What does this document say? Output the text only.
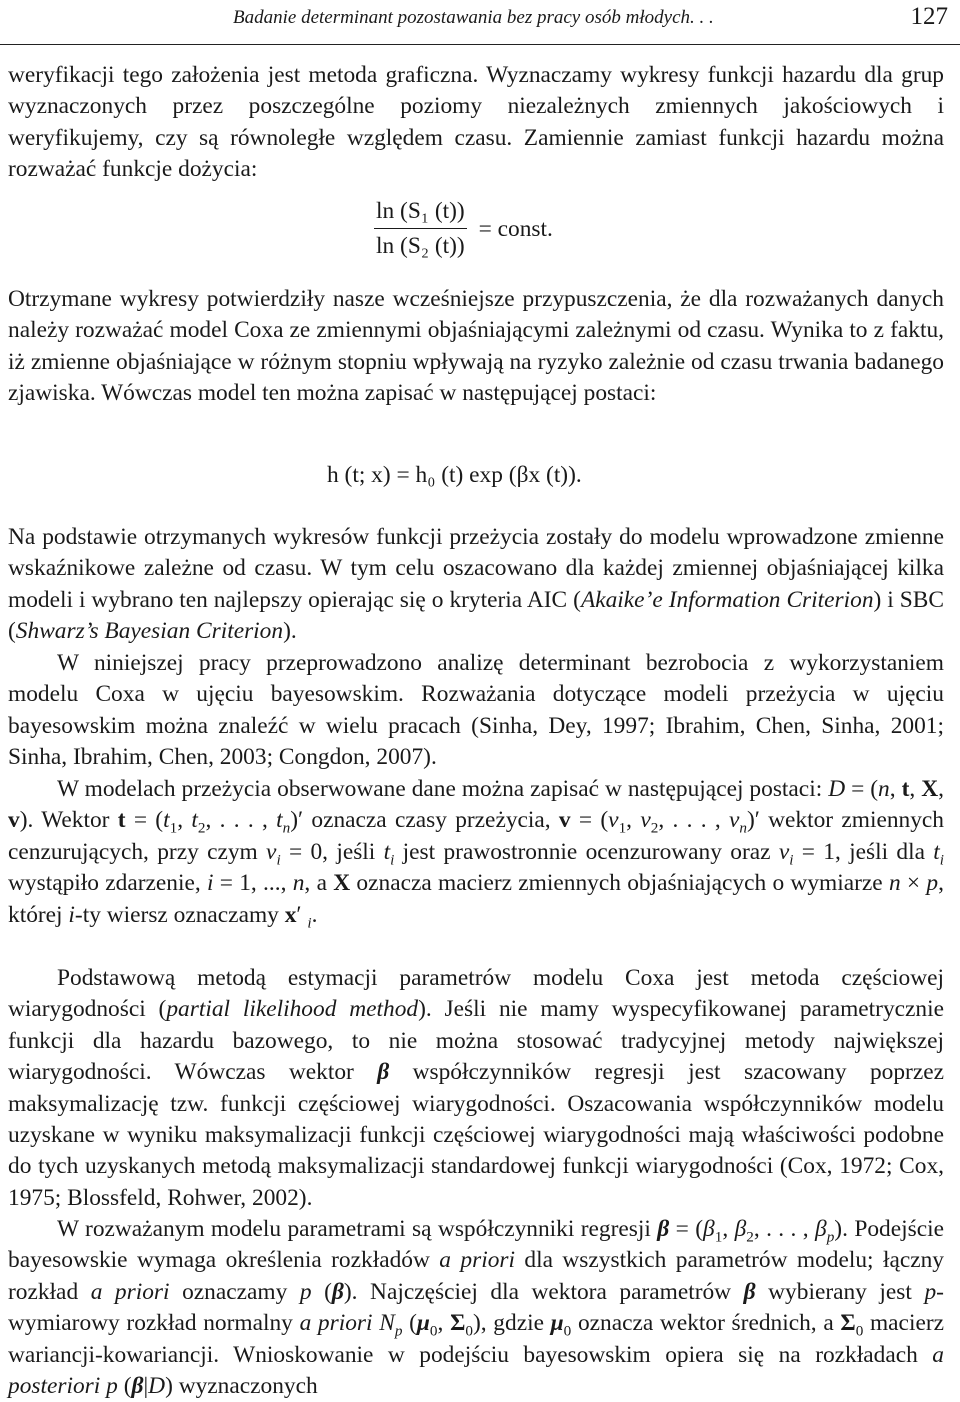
Badanie determinant pozostawania bez pracy osób młodych. . .	127

weryfikacji tego założenia jest metoda graficzna. Wyznaczamy wykresy funkcji hazardu dla grup wyznaczonych przez poszczególne poziomy niezależnych zmiennych jakościowych i weryfikujemy, czy są równoległe względem czasu. Zamiennie zamiast funkcji hazardu można rozważać funkcje dożycia:

$\frac{\text{ln (S₁ (t))}}{\text{ln (S₂ (t))}}$ = const.

Otrzymane wykresy potwierdziły nasze wcześniejsze przypuszczenia, że dla rozważanych danych należy rozważać model Coxa ze zmiennymi objaśniającymi zależnymi od czasu. Wynika to z faktu, iż zmienne objaśniające w różnym stopniu wpływają na ryzyko zależnie od czasu trwania badanego zjawiska. Wówczas model ten można zapisać w następującej postaci:

h (t; x) = h₀ (t) exp (βx (t)).

Na podstawie otrzymanych wykresów funkcji przeżycia zostały do modelu wprowadzone zmienne wskaźnikowe zależne od czasu. W tym celu oszacowano dla każdej zmiennej objaśniającej kilka modeli i wybrano ten najlepszy opierając się o kryteria AIC (Akaike’e Information Criterion) i SBC (Shwarz’s Bayesian Criterion).

W niniejszej pracy przeprowadzono analizę determinant bezrobocia z wykorzystaniem modelu Coxa w ujęciu bayesowskim. Rozważania dotyczące modeli przeżycia w ujęciu bayesowskim można znaleźć w wielu pracach (Sinha, Dey, 1997; Ibrahim, Chen, Sinha, 2001; Sinha, Ibrahim, Chen, 2003; Congdon, 2007).

W modelach przeżycia obserwowane dane można zapisać w następującej postaci: D = (n, t, X, v). Wektor $t = (t_1$, $t_2$, . . . , $t_n)'$ oznacza czasy przeżycia, $v = (v_1$, $v_2$, . . . , $v_n)'$ wektor zmiennych cenzurujących, przy czym $v_i = 0$, jeśli $t_i$ jest prawostronnie ocenzurowany oraz $v_i = 1$, jeśli dla $t_i$ wystąpiło zdarzenie, i = 1, ..., n, a X oznacza macierz zmiennych objaśniających o wymiarze n × p, której i-ty wiersz oznaczamy x′ $_i$.

Podstawową metodą estymacji parametrów modelu Coxa jest metoda częściowej wiarygodności (partial likelihood method). Jeśli nie mamy wyspecyfikowanej parametrycznie funkcji dla hazardu bazowego, to nie można stosować tradycyjnej metody największej wiarygodności. Wówczas wektor β współczynników regresji jest szacowany poprzez maksymalizację tzw. funkcji częściowej wiarygodności. Oszacowania współczynników modelu uzyskane w wyniku maksymalizacji funkcji częściowej wiarygodności mają właściwości podobne do tych uzyskanych metodą maksymalizacji standardowej funkcji wiarygodności (Cox, 1972; Cox, 1975; Blossfeld, Rohwer, 2002).

W rozważanym modelu parametrami są współczynniki regresji $\beta = (\beta_1$, $\beta_2$, . . . , $\beta_p$). Podejście bayesowskie wymaga określenia rozkładów a priori dla wszystkich parametrów modelu; łączny rozkład a priori oznaczamy p (β). Najczęściej dla wektora parametrów β wybierany jest p-wymiarowy rozkład normalny a priori $N_p$ ($\mu_0$, $\Sigma_0$), gdzie $\mu_0$ oznacza wektor średnich, a $\Sigma_0$ macierz wariancji-kowariancji. Wnioskowanie w podejściu bayesowskim opiera się na rozkładach a posteriori p (β|D) wyznaczonych
